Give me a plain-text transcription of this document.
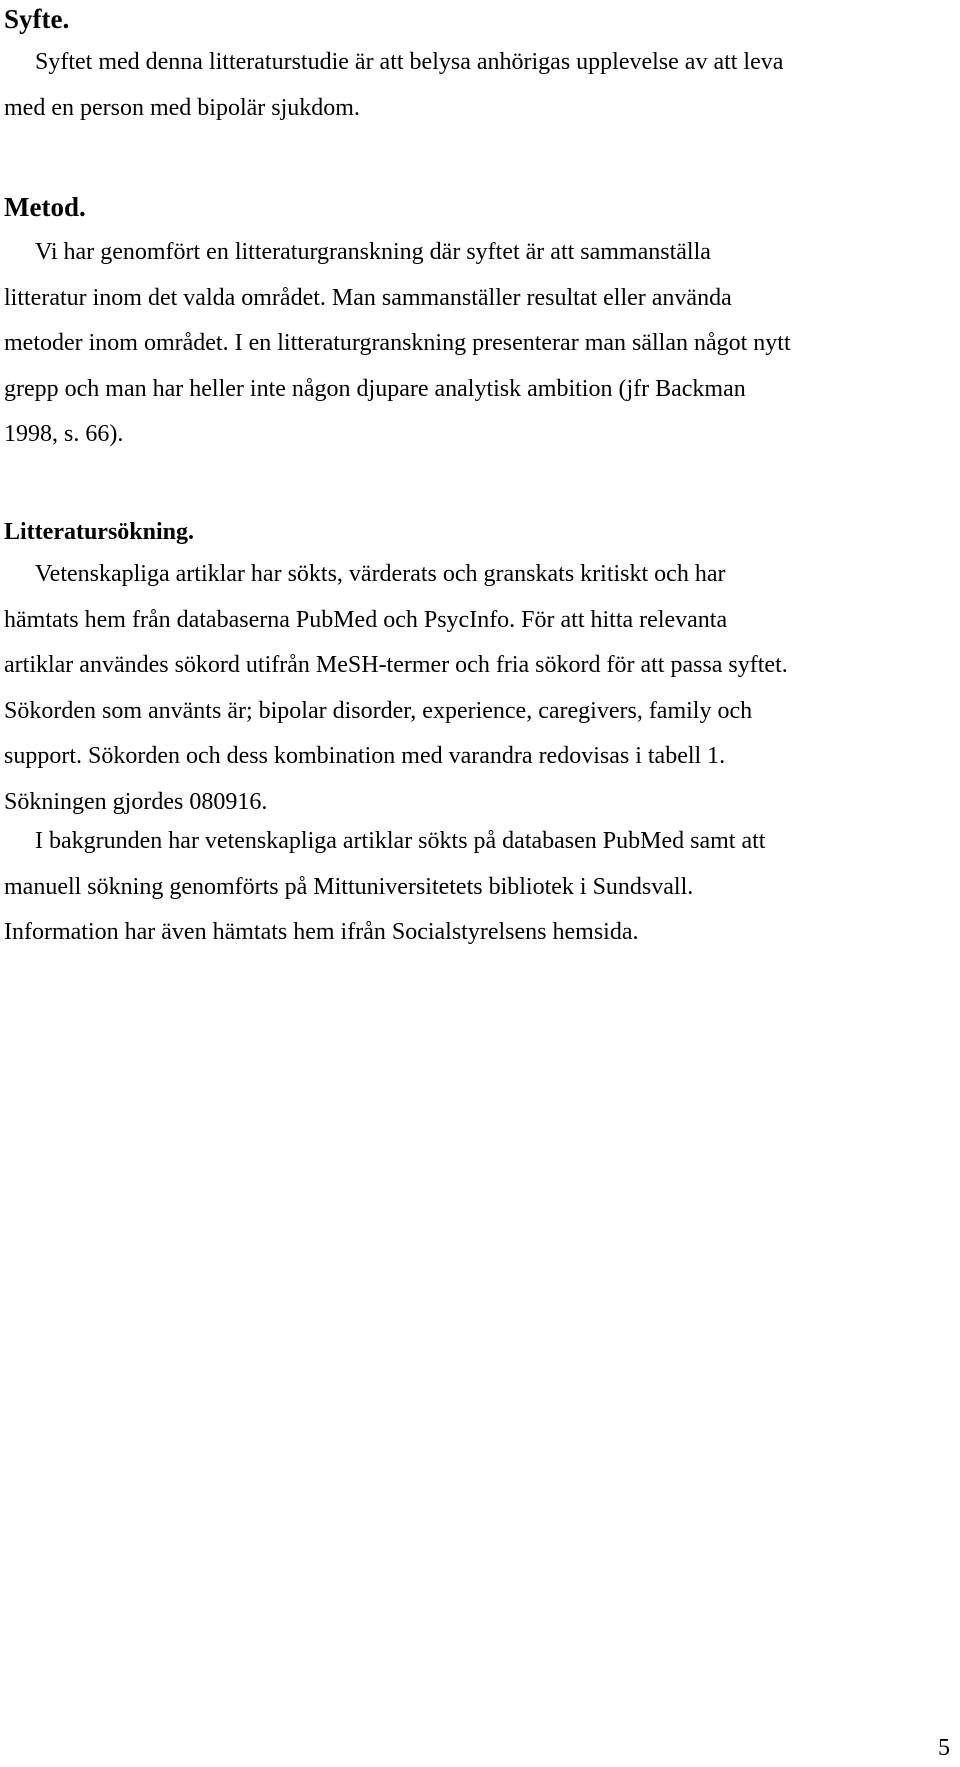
Syfte.

Syftet med denna litteraturstudie är att belysa anhörigas upplevelse av att leva
med en person med bipolär sjukdom.

Metod.

Vi har genomfört en litteraturgranskning där syftet är att sammanställa
litteratur inom det valda området. Man sammanställer resultat eller använda
metoder inom området. I en litteraturgranskning presenterar man sällan något nytt
grepp och man har heller inte någon djupare analytisk ambition (jfr Backman
1998, s. 66).

Litteratursökning.

Vetenskapliga artiklar har sökts, värderats och granskats kritiskt och har
hämtats hem från databaserna PubMed och PsycInfo. För att hitta relevanta
artiklar användes sökord utifrån MeSH-termer och fria sökord för att passa syftet.
Sökorden som använts är; bipolar disorder, experience, caregivers, family och
support. Sökorden och dess kombination med varandra redovisas i tabell 1.
Sökningen gjordes 080916.

I bakgrunden har vetenskapliga artiklar sökts på databasen PubMed samt att
manuell sökning genomförts på Mittuniversitetets bibliotek i Sundsvall.
Information har även hämtats hem ifrån Socialstyrelsens hemsida.

5
